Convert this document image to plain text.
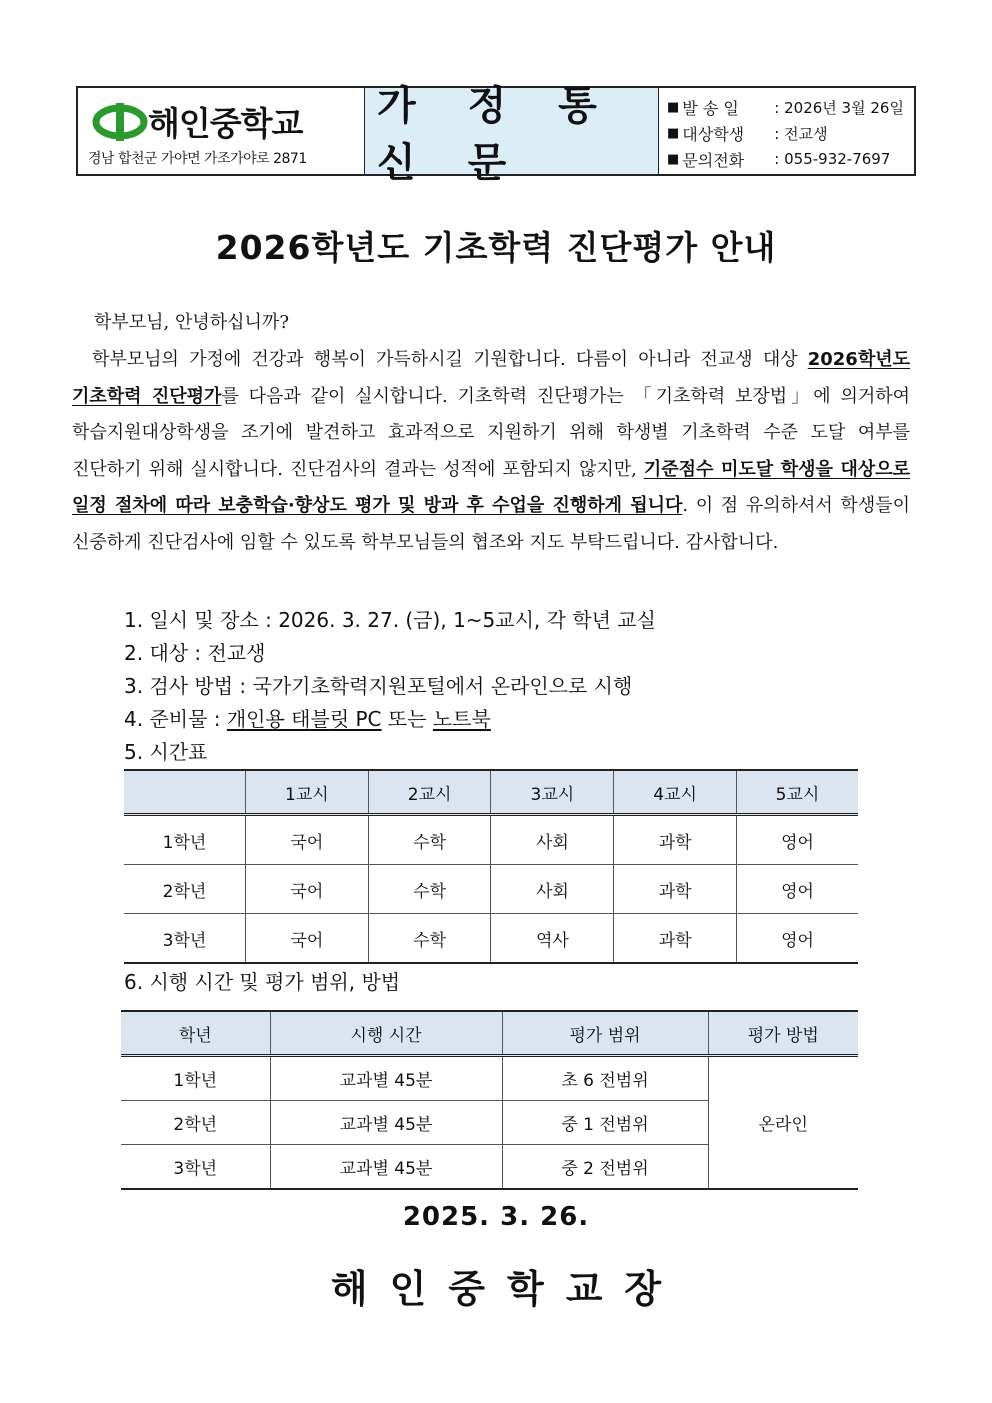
해인중학교
경남 합천군 가야면 가조가야로 2871
가 정 통 신 문
■ 발 송 일	: 2026년 3월 26일
■ 대상학생	: 전교생
■ 문의전화	: 055-932-7697
2026학년도 기초학력 진단평가 안내
학부모님, 안녕하십니까?
학부모님의 가정에 건강과 행복이 가득하시길 기원합니다. 다름이 아니라 전교생 대상 2026학년도 기초학력 진단평가를 다음과 같이 실시합니다. 기초학력 진단평가는 「기초학력 보장법」에 의거하여 학습지원대상학생을 조기에 발견하고 효과적으로 지원하기 위해 학생별 기초학력 수준 도달 여부를 진단하기 위해 실시합니다. 진단검사의 결과는 성적에 포함되지 않지만, 기준점수 미도달 학생을 대상으로 일정 절차에 따라 보충학습·향상도 평가 및 방과 후 수업을 진행하게 됩니다. 이 점 유의하셔서 학생들이 신중하게 진단검사에 임할 수 있도록 학부모님들의 협조와 지도 부탁드립니다. 감사합니다.
1. 일시 및 장소 : 2026. 3. 27. (금), 1~5교시, 각 학년 교실
2. 대상 : 전교생
3. 검사 방법 : 국가기초학력지원포털에서 온라인으로 시행
4. 준비물 : 개인용 태블릿 PC 또는 노트북
5. 시간표
	1교시	2교시	3교시	4교시	5교시
1학년	국어	수학	사회	과학	영어
2학년	국어	수학	사회	과학	영어
3학년	국어	수학	역사	과학	영어
6. 시행 시간 및 평가 범위, 방법
학년	시행 시간	평가 범위	평가 방법
1학년	교과별 45분	초 6 전범위	온라인
2학년	교과별 45분	중 1 전범위	
3학년	교과별 45분	중 2 전범위	
2025. 3. 26.
해인중학교장
